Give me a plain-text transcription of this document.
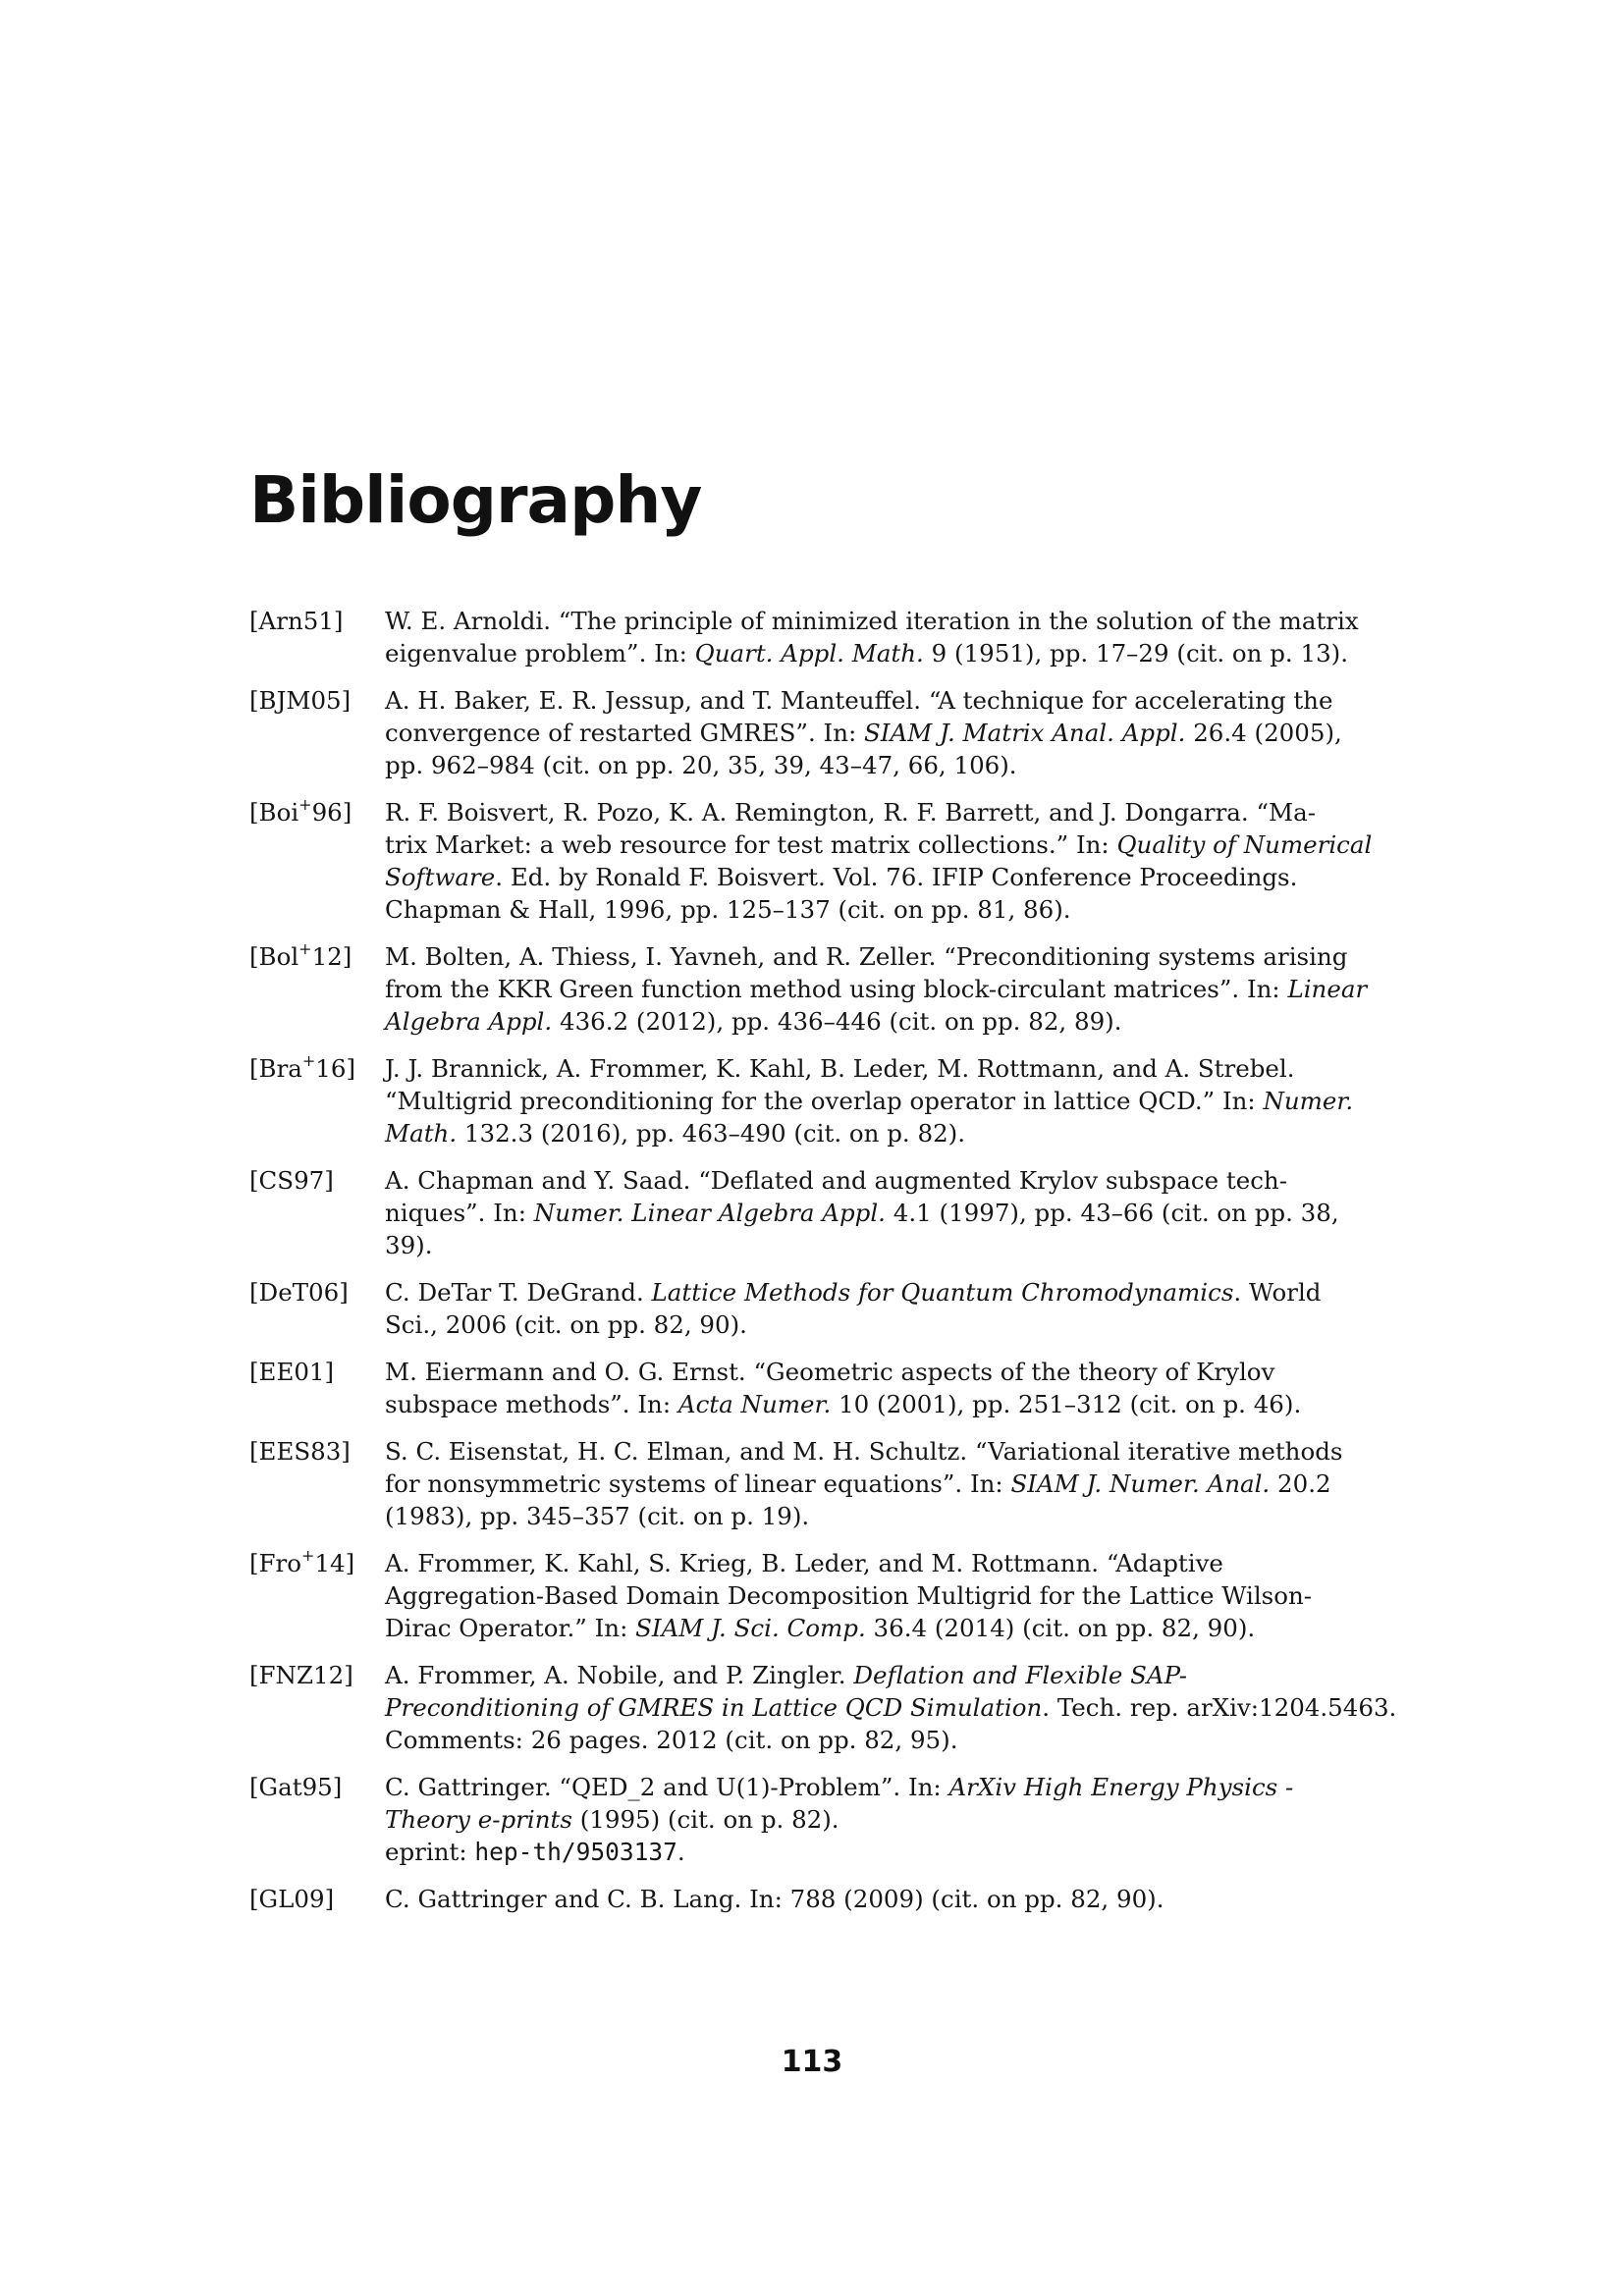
Bibliography
[Arn51]	W. E. Arnoldi. “The principle of minimized iteration in the solution of the matrix
eigenvalue problem”. In: Quart. Appl. Math. 9 (1951), pp. 17–29 (cit. on p. 13).
[BJM05]	A. H. Baker, E. R. Jessup, and T. Manteuffel. “A technique for accelerating the
convergence of restarted GMRES”. In: SIAM J. Matrix Anal. Appl. 26.4 (2005),
pp. 962–984 (cit. on pp. 20, 35, 39, 43–47, 66, 106).
[Boi+96]	R. F. Boisvert, R. Pozo, K. A. Remington, R. F. Barrett, and J. Dongarra. “Ma-
trix Market: a web resource for test matrix collections.” In: Quality of Numerical
Software. Ed. by Ronald F. Boisvert. Vol. 76. IFIP Conference Proceedings.
Chapman & Hall, 1996, pp. 125–137 (cit. on pp. 81, 86).
[Bol+12]	M. Bolten, A. Thiess, I. Yavneh, and R. Zeller. “Preconditioning systems arising
from the KKR Green function method using block-circulant matrices”. In: Linear
Algebra Appl. 436.2 (2012), pp. 436–446 (cit. on pp. 82, 89).
[Bra+16]	J. J. Brannick, A. Frommer, K. Kahl, B. Leder, M. Rottmann, and A. Strebel.
“Multigrid preconditioning for the overlap operator in lattice QCD.” In: Numer.
Math. 132.3 (2016), pp. 463–490 (cit. on p. 82).
[CS97]	A. Chapman and Y. Saad. “Deflated and augmented Krylov subspace tech-
niques”. In: Numer. Linear Algebra Appl. 4.1 (1997), pp. 43–66 (cit. on pp. 38,
39).
[DeT06]	C. DeTar T. DeGrand. Lattice Methods for Quantum Chromodynamics. World
Sci., 2006 (cit. on pp. 82, 90).
[EE01]	M. Eiermann and O. G. Ernst. “Geometric aspects of the theory of Krylov
subspace methods”. In: Acta Numer. 10 (2001), pp. 251–312 (cit. on p. 46).
[EES83]	S. C. Eisenstat, H. C. Elman, and M. H. Schultz. “Variational iterative methods
for nonsymmetric systems of linear equations”. In: SIAM J. Numer. Anal. 20.2
(1983), pp. 345–357 (cit. on p. 19).
[Fro+14]	A. Frommer, K. Kahl, S. Krieg, B. Leder, and M. Rottmann. “Adaptive
Aggregation-Based Domain Decomposition Multigrid for the Lattice Wilson-
Dirac Operator.” In: SIAM J. Sci. Comp. 36.4 (2014) (cit. on pp. 82, 90).
[FNZ12]	A. Frommer, A. Nobile, and P. Zingler. Deflation and Flexible SAP-
Preconditioning of GMRES in Lattice QCD Simulation. Tech. rep. arXiv:1204.5463.
Comments: 26 pages. 2012 (cit. on pp. 82, 95).
[Gat95]	C. Gattringer. “QED_2 and U(1)-Problem”. In: ArXiv High Energy Physics -
Theory e-prints (1995) (cit. on p. 82).
eprint: hep-th/9503137.
[GL09]	C. Gattringer and C. B. Lang. In: 788 (2009) (cit. on pp. 82, 90).
113
